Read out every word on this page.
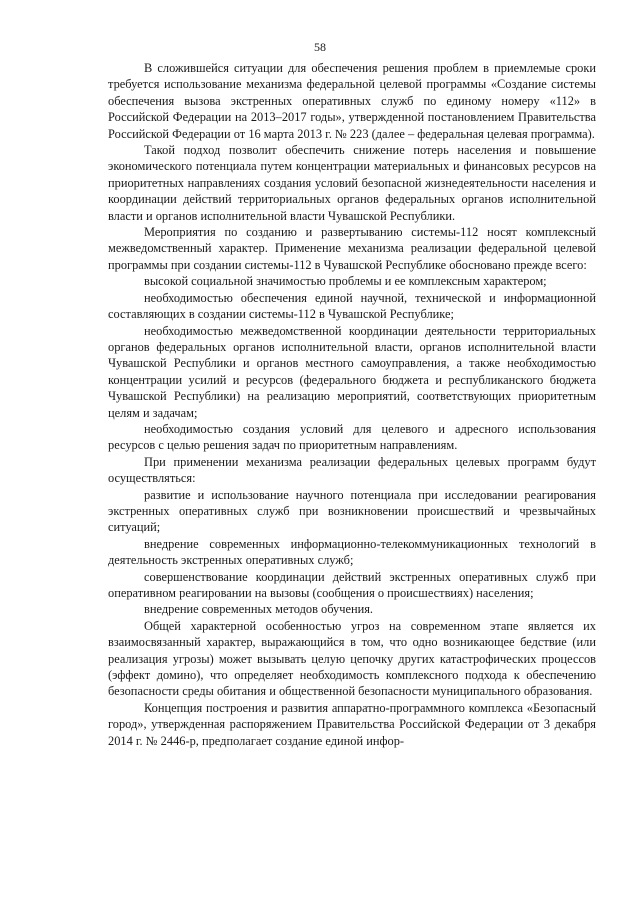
58

В сложившейся ситуации для обеспечения решения проблем в приемлемые сроки требуется использование механизма федеральной целевой программы «Создание системы обеспечения вызова экстренных оперативных служб по единому номеру «112» в Российской Федерации на 2013–2017 годы», утвержденной постановлением Правительства Российской Федерации от 16 марта 2013 г. № 223 (далее – федеральная целевая программа).

Такой подход позволит обеспечить снижение потерь населения и повышение экономического потенциала путем концентрации материальных и финансовых ресурсов на приоритетных направлениях создания условий безопасной жизнедеятельности населения и координации действий территориальных органов федеральных органов исполнительной власти и органов исполнительной власти Чувашской Республики.

Мероприятия по созданию и развертыванию системы-112 носят комплексный межведомственный характер. Применение механизма реализации федеральной целевой программы при создании системы-112 в Чувашской Республике обосновано прежде всего:

высокой социальной значимостью проблемы и ее комплексным характером;

необходимостью обеспечения единой научной, технической и информационной составляющих в создании системы-112 в Чувашской Республике;

необходимостью межведомственной координации деятельности территориальных органов федеральных органов исполнительной власти, органов исполнительной власти Чувашской Республики и органов местного самоуправления, а также необходимостью концентрации усилий и ресурсов (федерального бюджета и республиканского бюджета Чувашской Республики) на реализацию мероприятий, соответствующих приоритетным целям и задачам;

необходимостью создания условий для целевого и адресного использования ресурсов с целью решения задач по приоритетным направлениям.

При применении механизма реализации федеральных целевых программ будут осуществляться:

развитие и использование научного потенциала при исследовании реагирования экстренных оперативных служб при возникновении происшествий и чрезвычайных ситуаций;

внедрение современных информационно-телекоммуникационных технологий в деятельность экстренных оперативных служб;

совершенствование координации действий экстренных оперативных служб при оперативном реагировании на вызовы (сообщения о происшествиях) населения;

внедрение современных методов обучения.

Общей характерной особенностью угроз на современном этапе является их взаимосвязанный характер, выражающийся в том, что одно возникающее бедствие (или реализация угрозы) может вызывать целую цепочку других катастрофических процессов (эффект домино), что определяет необходимость комплексного подхода к обеспечению безопасности среды обитания и общественной безопасности муниципального образования.

Концепция построения и развития аппаратно-программного комплекса «Безопасный город», утвержденная распоряжением Правительства Российской Федерации от 3 декабря 2014 г. № 2446-р, предполагает создание единой инфор-
